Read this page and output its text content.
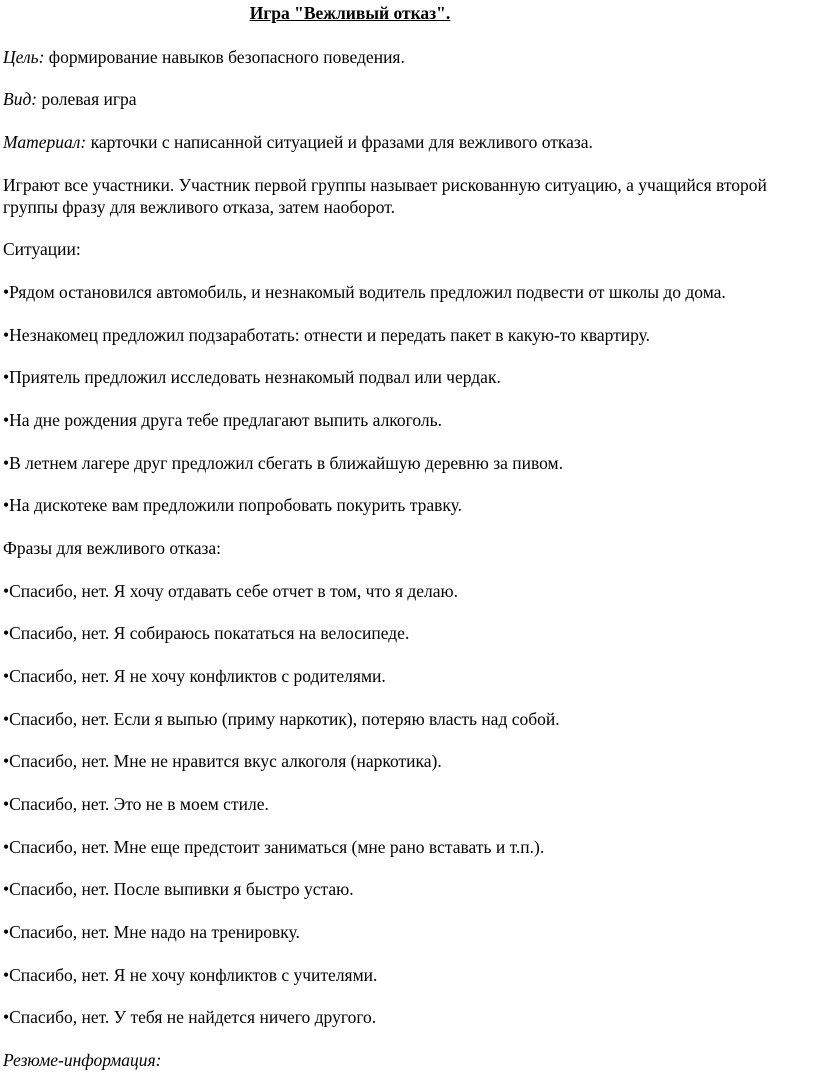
Игра "Вежливый отказ".
Цель: формирование навыков безопасного поведения.
Вид: ролевая игра
Материал: карточки с написанной ситуацией и фразами для вежливого отказа.
Играют все участники. Участник первой группы называет рискованную ситуацию, а учащийся второй группы фразу для вежливого отказа, затем наоборот.
Ситуации:
•Рядом остановился автомобиль, и незнакомый водитель предложил подвести от школы до дома.
•Незнакомец предложил подзаработать: отнести и передать пакет в какую-то квартиру.
•Приятель предложил исследовать незнакомый подвал или чердак.
•На дне рождения друга тебе предлагают выпить алкоголь.
•В летнем лагере друг предложил сбегать в ближайшую деревню за пивом.
•На дискотеке вам предложили попробовать покурить травку.
Фразы для вежливого отказа:
•Спасибо, нет. Я хочу отдавать себе отчет в том, что я делаю.
•Спасибо, нет. Я собираюсь покататься на велосипеде.
•Спасибо, нет. Я не хочу конфликтов с родителями.
•Спасибо, нет. Если я выпью (приму наркотик), потеряю власть над собой.
•Спасибо, нет. Мне не нравится вкус алкоголя (наркотика).
•Спасибо, нет. Это не в моем стиле.
•Спасибо, нет. Мне еще предстоит заниматься (мне рано вставать и т.п.).
•Спасибо, нет. После выпивки я быстро устаю.
•Спасибо, нет. Мне надо на тренировку.
•Спасибо, нет. Я не хочу конфликтов с учителями.
•Спасибо, нет. У тебя не найдется ничего другого.
Резюме-информация:
